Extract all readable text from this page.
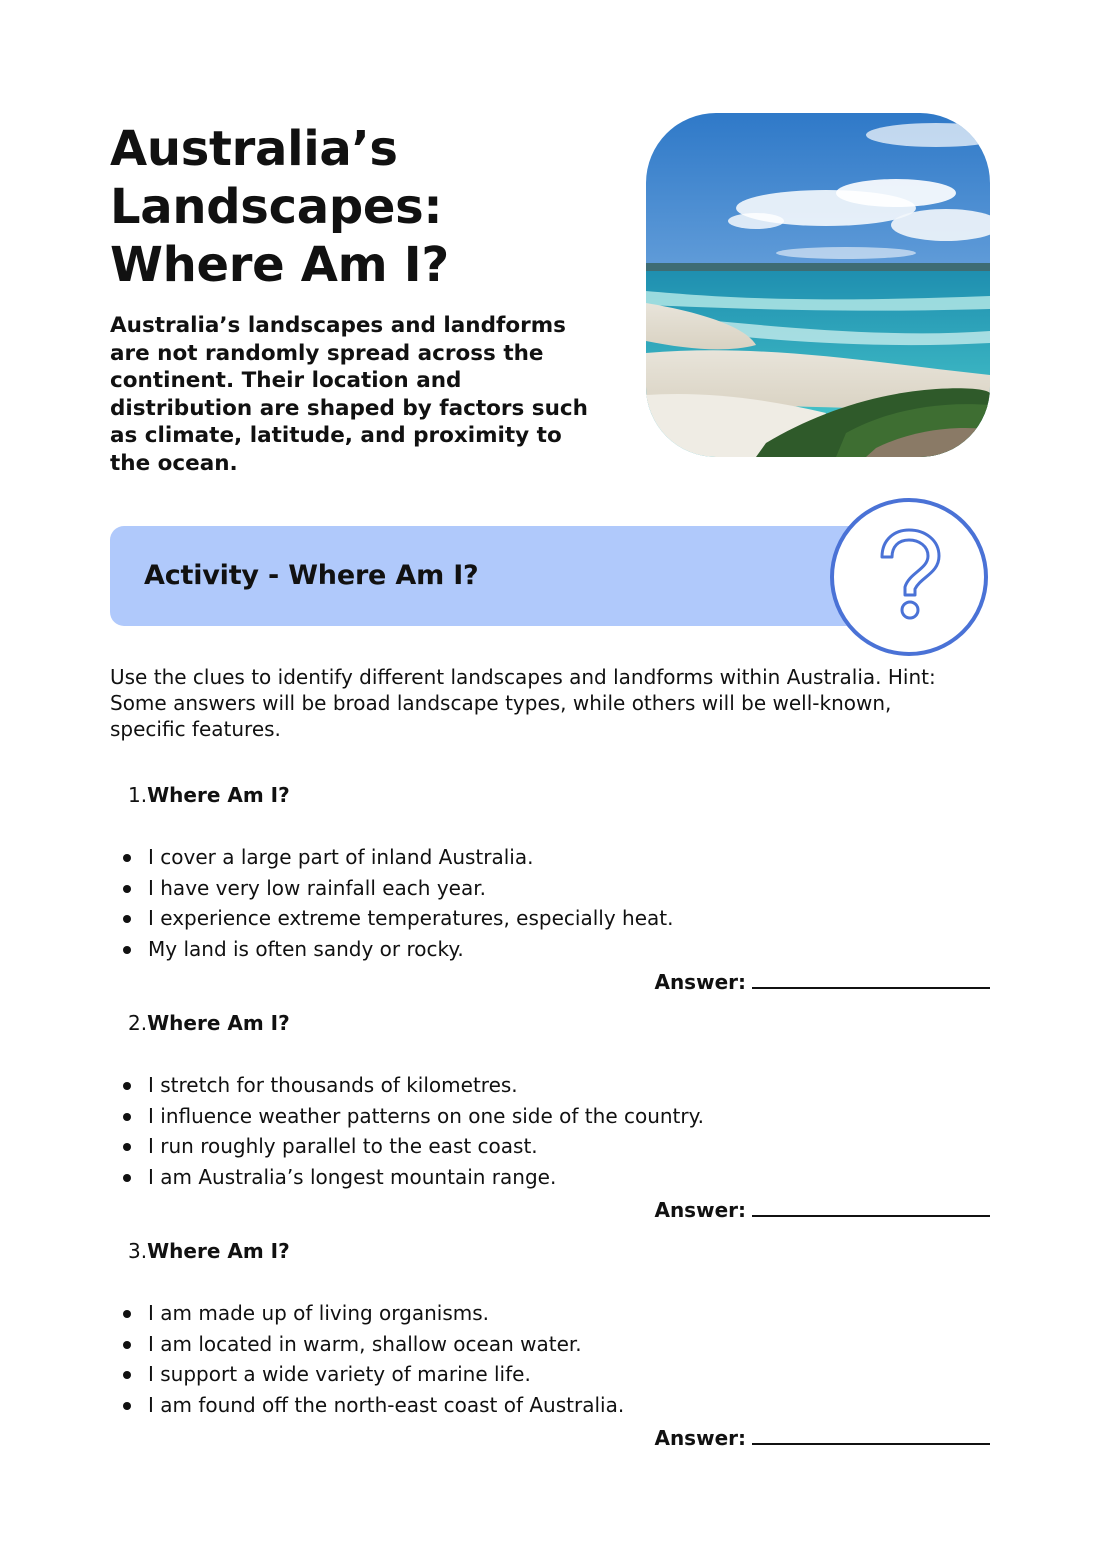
Australia’s Landscapes: Where Am I?

Australia’s landscapes and landforms are not randomly spread across the continent. Their location and distribution are shaped by factors such as climate, latitude, and proximity to the ocean.

Activity - Where Am I?

Use the clues to identify different landscapes and landforms within Australia. Hint: Some answers will be broad landscape types, while others will be well-known, specific features.

1.Where Am I?

I cover a large part of inland Australia.
I have very low rainfall each year.
I experience extreme temperatures, especially heat.
My land is often sandy or rocky.
Answer:

2.Where Am I?

I stretch for thousands of kilometres.
I influence weather patterns on one side of the country.
I run roughly parallel to the east coast.
I am Australia’s longest mountain range.
Answer:

3.Where Am I?

I am made up of living organisms.
I am located in warm, shallow ocean water.
I support a wide variety of marine life.
I am found off the north-east coast of Australia.
Answer:
